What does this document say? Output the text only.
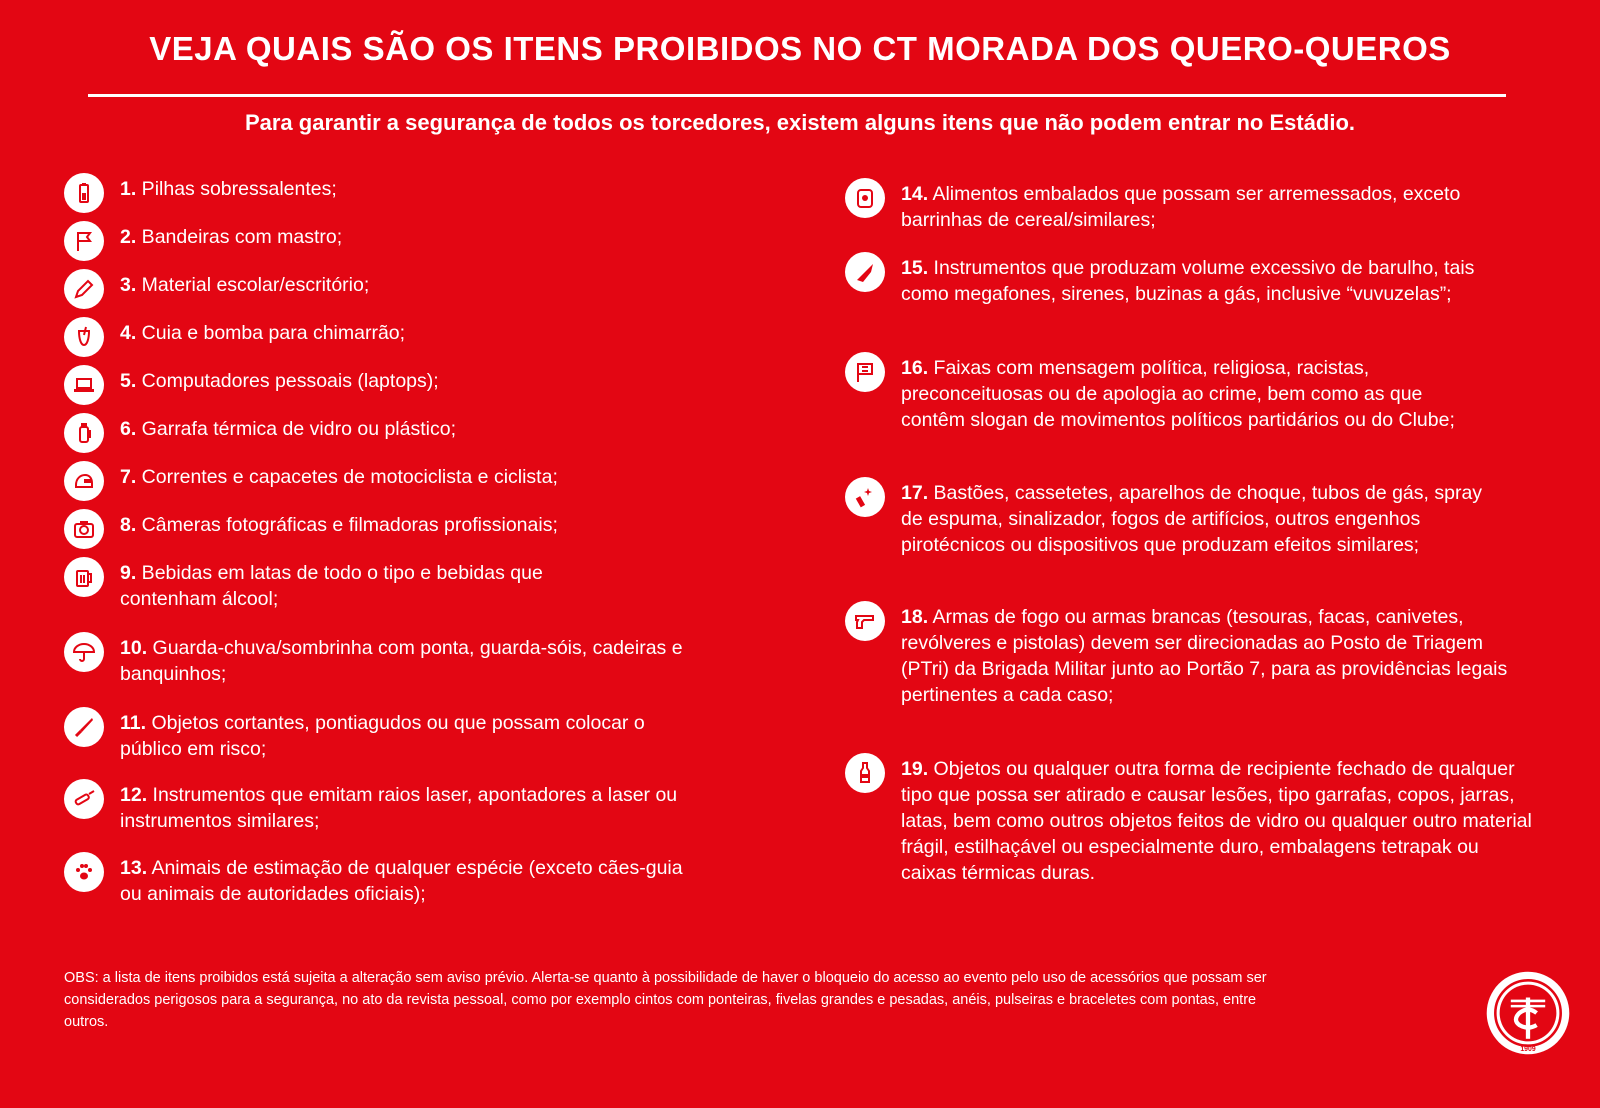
VEJA QUAIS SÃO OS ITENS PROIBIDOS NO CT MORADA DOS QUERO-QUEROS
Para garantir a segurança de todos os torcedores, existem alguns itens que não podem entrar no Estádio.
1. Pilhas sobressalentes;
2. Bandeiras com mastro;
3. Material escolar/escritório;
4. Cuia e bomba para chimarrão;
5. Computadores pessoais (laptops);
6. Garrafa térmica de vidro ou plástico;
7. Correntes e capacetes de motociclista e ciclista;
8. Câmeras fotográficas e filmadoras profissionais;
9. Bebidas em latas de todo o tipo e bebidas que contenham álcool;
10. Guarda-chuva/sombrinha com ponta, guarda-sóis, cadeiras e banquinhos;
11. Objetos cortantes, pontiagudos ou que possam colocar o público em risco;
12. Instrumentos que emitam raios laser, apontadores a laser ou instrumentos similares;
13. Animais de estimação de qualquer espécie (exceto cães-guia ou animais de autoridades oficiais);
14. Alimentos embalados que possam ser arremessados, exceto barrinhas de cereal/similares;
15. Instrumentos que produzam volume excessivo de barulho, tais como megafones, sirenes, buzinas a gás, inclusive “vuvuzelas”;
16. Faixas com mensagem política, religiosa, racistas, preconceituosas ou de apologia ao crime, bem como as que contêm slogan de movimentos políticos partidários ou do Clube;
17. Bastões, cassetetes, aparelhos de choque, tubos de gás, spray de espuma, sinalizador, fogos de artifícios, outros engenhos pirotécnicos ou dispositivos que produzam efeitos similares;
18. Armas de fogo ou armas brancas (tesouras, facas, canivetes, revólveres e pistolas) devem ser direcionadas ao Posto de Triagem (PTri) da Brigada Militar junto ao Portão 7, para as providências legais pertinentes a cada caso;
19. Objetos ou qualquer outra forma de recipiente fechado de qualquer tipo que possa ser atirado e causar lesões, tipo garrafas, copos, jarras, latas, bem como outros objetos feitos de vidro ou qualquer outro material frágil, estilhaçável ou especialmente duro, embalagens tetrapak ou caixas térmicas duras.
OBS: a lista de itens proibidos está sujeita a alteração sem aviso prévio. Alerta-se quanto à possibilidade de haver o bloqueio do acesso ao evento pelo uso de acessórios que possam ser considerados perigosos para a segurança, no ato da revista pessoal, como por exemplo cintos com ponteiras, fivelas grandes e pesadas, anéis, pulseiras e braceletes com pontas, entre outros.
1909
